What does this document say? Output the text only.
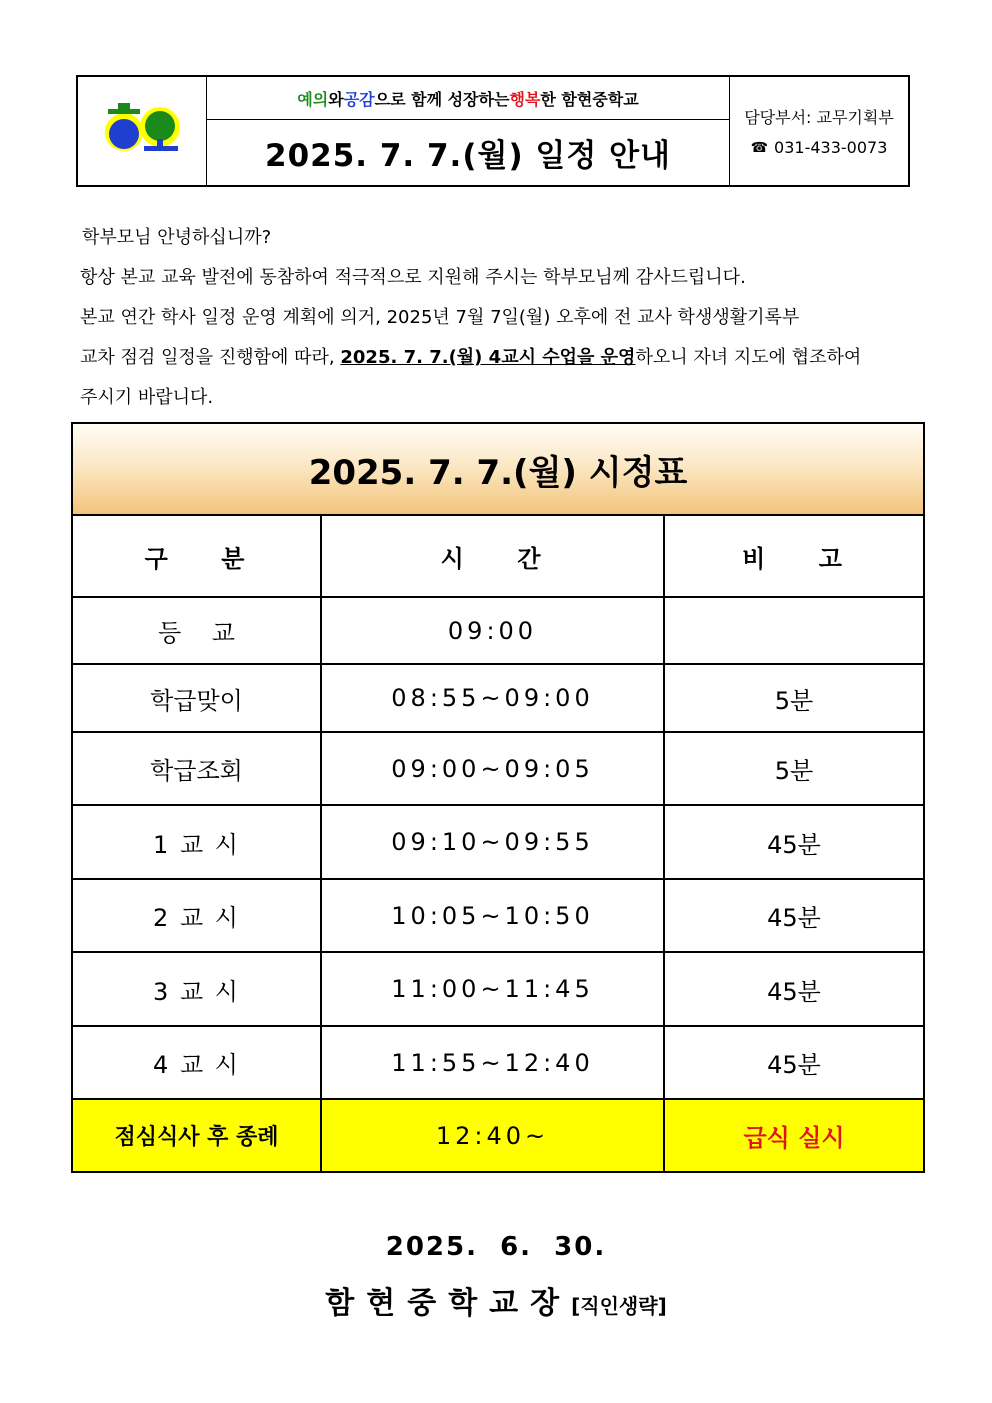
예의 와 공감 으로 함께 성장하는 행복 한 함현중학교
2025. 7. 7.(월) 일정 안내
담당부서: 교무기획부
☎ 031-433-0073

학부모님 안녕하십니까?

항상 본교 교육 발전에 동참하여 적극적으로 지원해 주시는 학부모님께 감사드립니다.

본교 연간 학사 일정 운영 계획에 의거, 2025년 7월 7일(월) 오후에 전 교사 학생생활기록부

교차 점검 일정을 진행함에 따라, 2025. 7. 7.(월) 4교시 수업을 운영하오니 자녀 지도에 협조하여

주시기 바랍니다.

2025. 7. 7.(월) 시정표		
구    분	시    간	비    고
등    교	09:00	
학급맞이	08:55~09:00	5분
학급조회	09:00~09:05	5분
1 교 시	09:10~09:55	45분
2 교 시	10:05~10:50	45분
3 교 시	11:00~11:45	45분
4 교 시	11:55~12:40	45분
점심식사 후 종례	12:40~	급식 실시
2025.  6.  30.
함현중학교장[직인생략]
